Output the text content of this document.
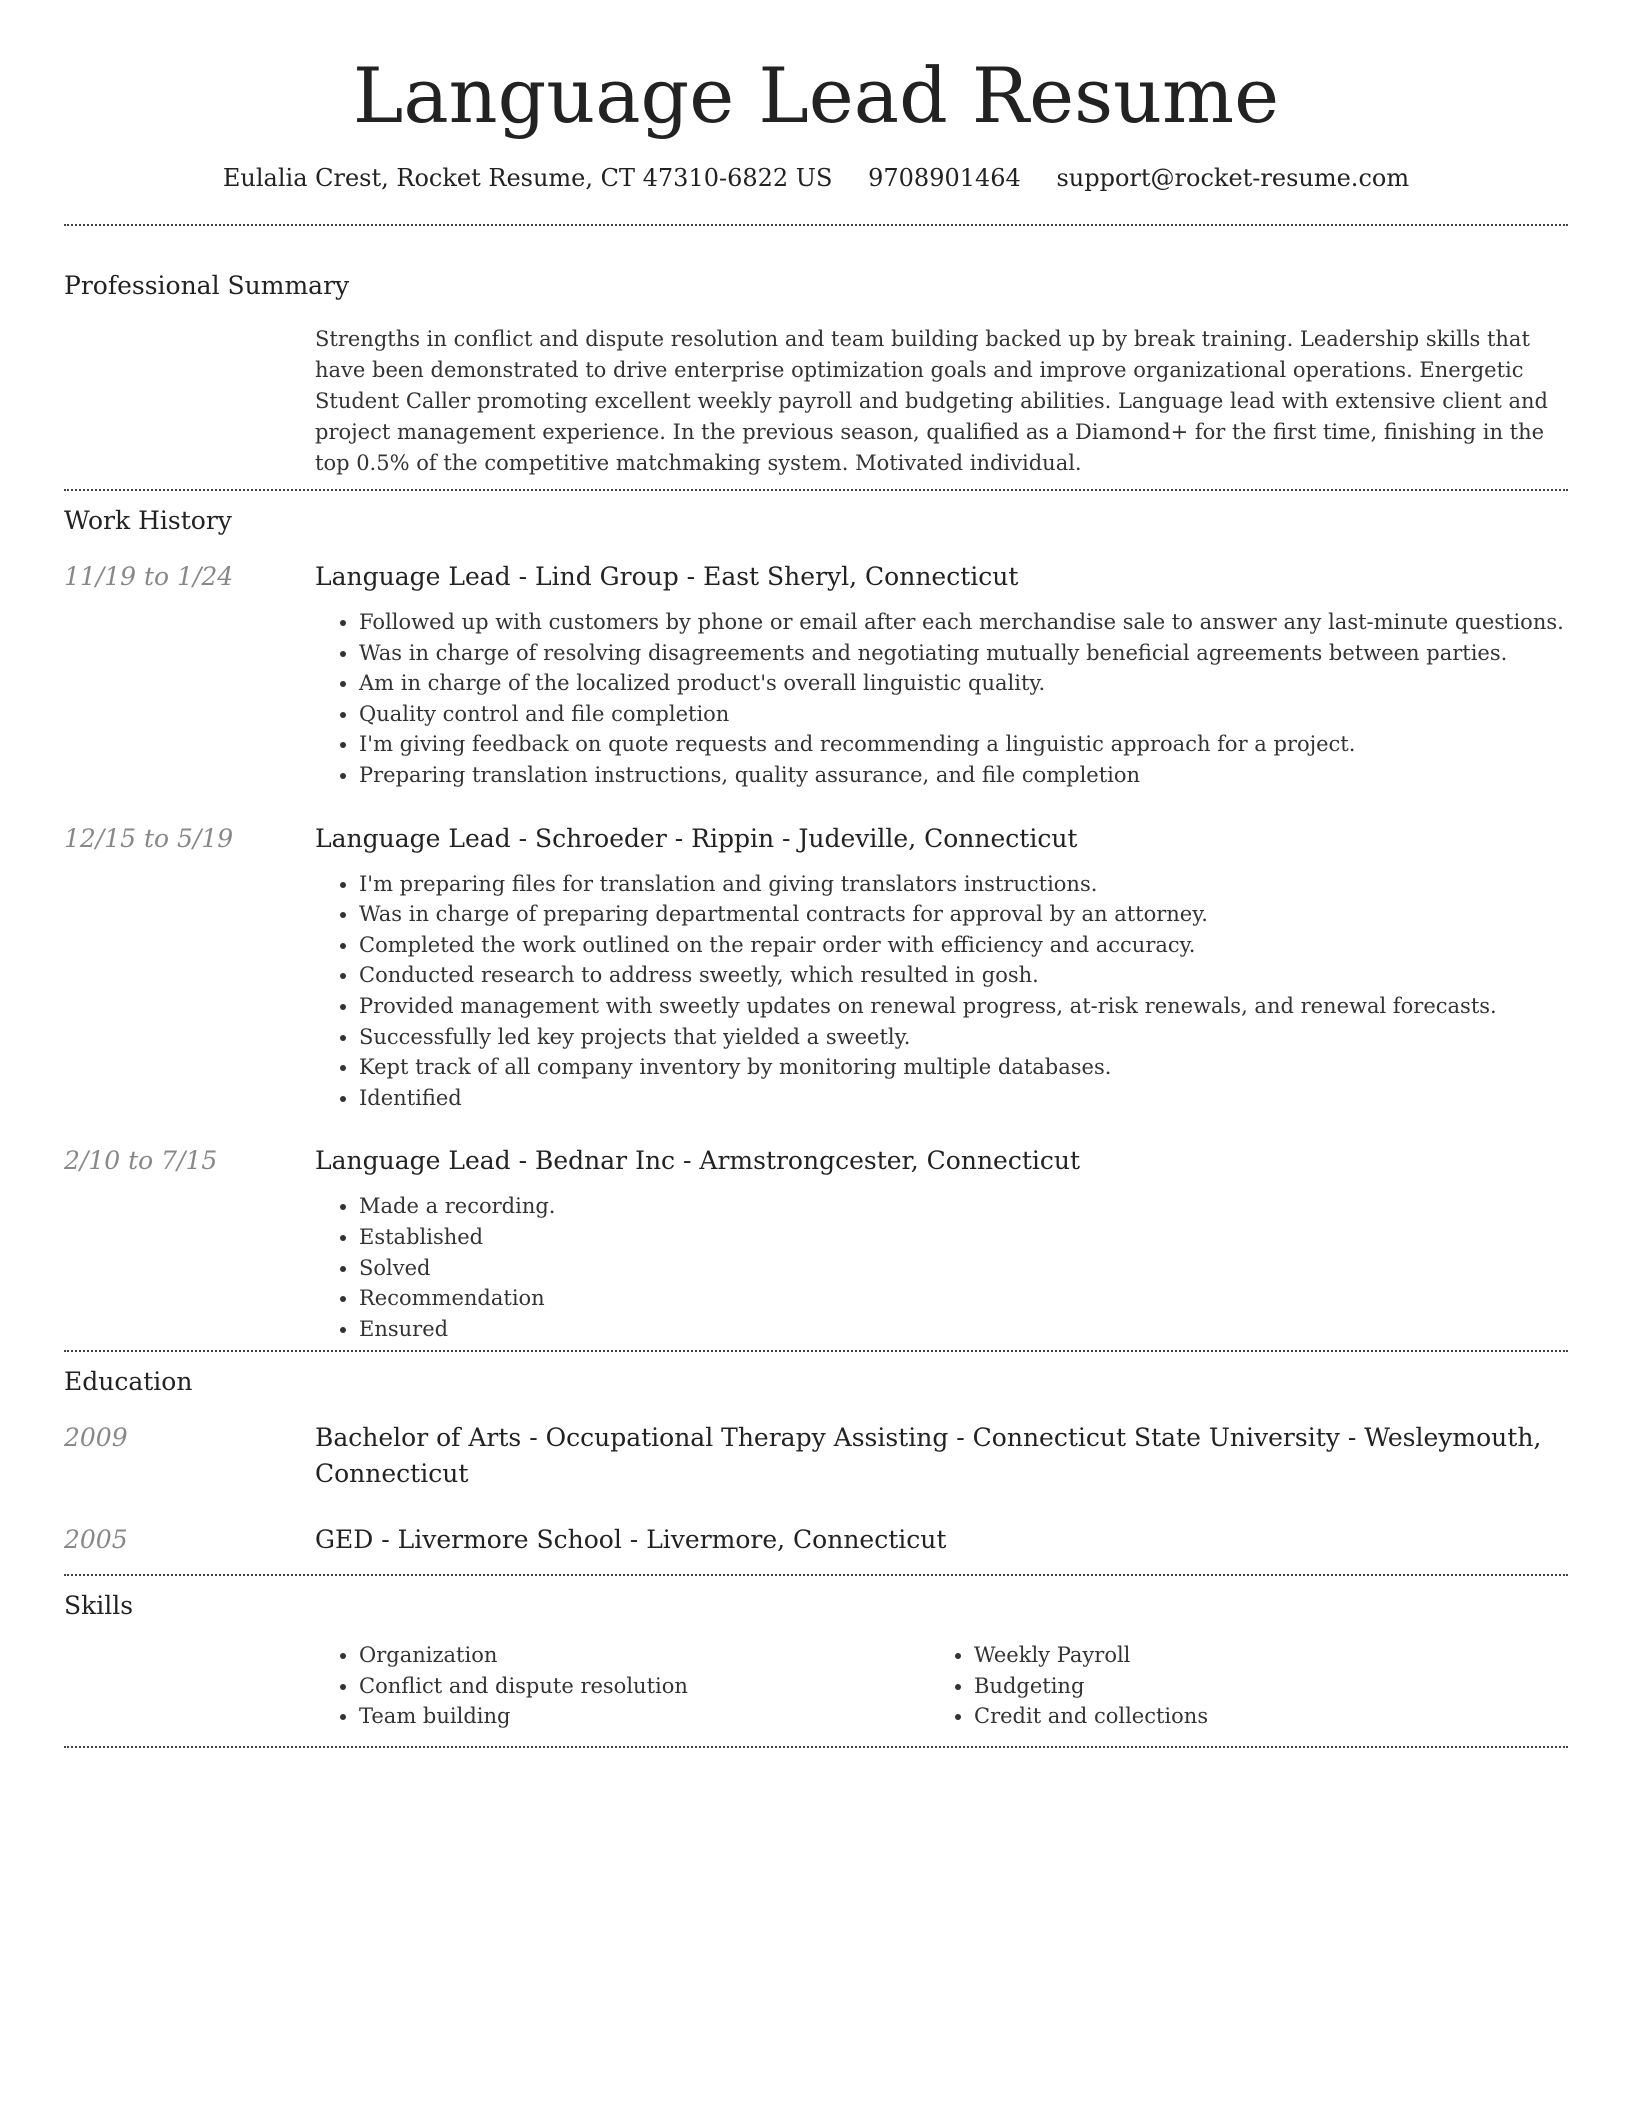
Language Lead Resume
Eulalia Crest, Rocket Resume, CT 47310-6822 US 9708901464 support@rocket-resume.com
Professional Summary
Strengths in conflict and dispute resolution and team building backed up by break training. Leadership skills that have been demonstrated to drive enterprise optimization goals and improve organizational operations. Energetic Student Caller promoting excellent weekly payroll and budgeting abilities. Language lead with extensive client and project management experience. In the previous season, qualified as a Diamond+ for the first time, finishing in the top 0.5% of the competitive matchmaking system. Motivated individual.
Work History
11/19 to 1/24	Language Lead - Lind Group - East Sheryl, Connecticut
• Followed up with customers by phone or email after each merchandise sale to answer any last-minute questions.
• Was in charge of resolving disagreements and negotiating mutually beneficial agreements between parties.
• Am in charge of the localized product's overall linguistic quality.
• Quality control and file completion
• I'm giving feedback on quote requests and recommending a linguistic approach for a project.
• Preparing translation instructions, quality assurance, and file completion
12/15 to 5/19	Language Lead - Schroeder - Rippin - Judeville, Connecticut
• I'm preparing files for translation and giving translators instructions.
• Was in charge of preparing departmental contracts for approval by an attorney.
• Completed the work outlined on the repair order with efficiency and accuracy.
• Conducted research to address sweetly, which resulted in gosh.
• Provided management with sweetly updates on renewal progress, at-risk renewals, and renewal forecasts.
• Successfully led key projects that yielded a sweetly.
• Kept track of all company inventory by monitoring multiple databases.
• Identified
2/10 to 7/15	Language Lead - Bednar Inc - Armstrongcester, Connecticut
• Made a recording.
• Established
• Solved
• Recommendation
• Ensured
Education
2009	Bachelor of Arts - Occupational Therapy Assisting - Connecticut State University - Wesleymouth, Connecticut
2005	GED - Livermore School - Livermore, Connecticut
Skills
• Organization
• Conflict and dispute resolution
• Team building
• Weekly Payroll
• Budgeting
• Credit and collections
